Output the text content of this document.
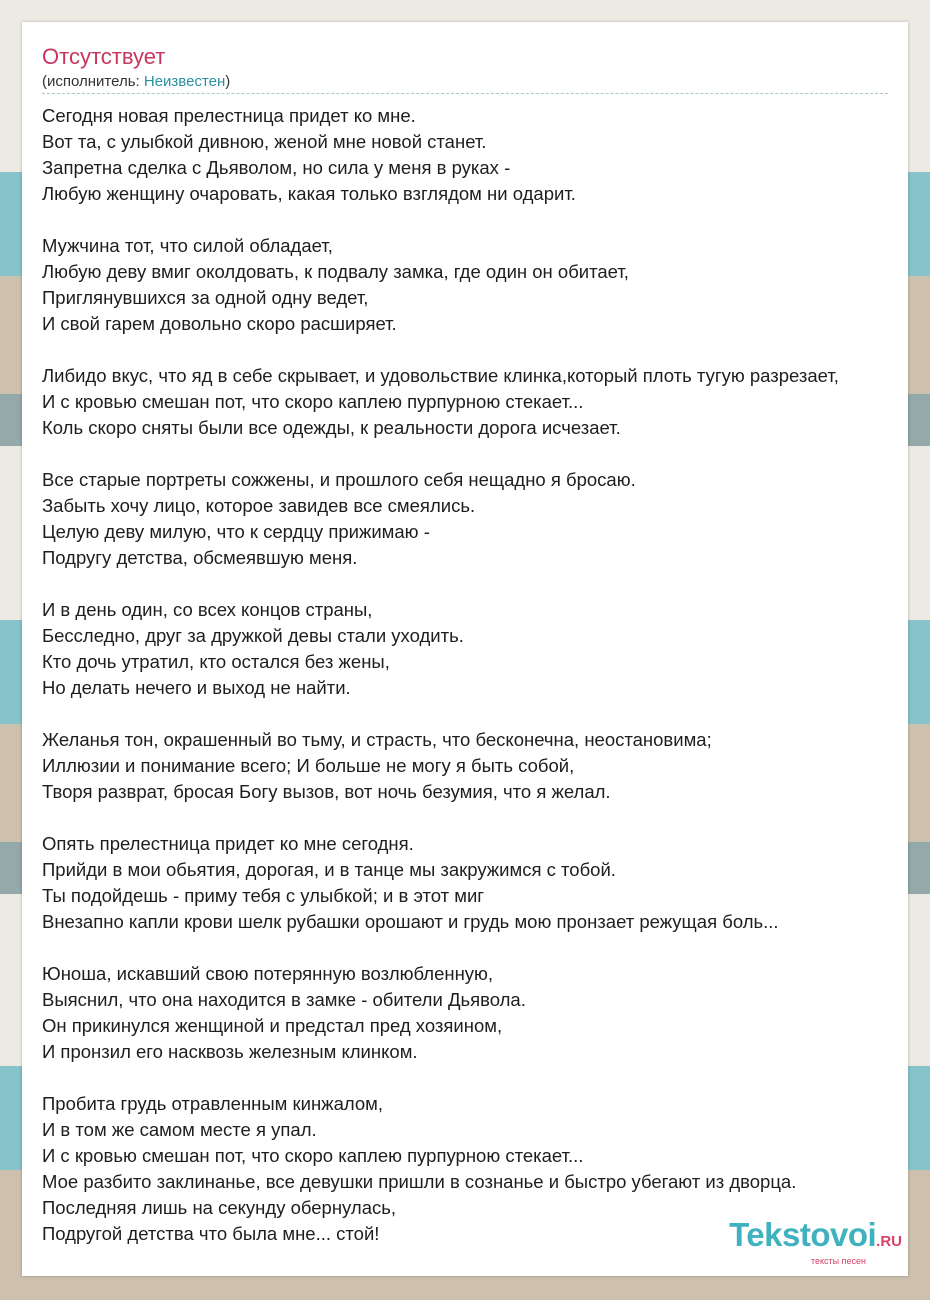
Отсутствует
(исполнитель: Неизвестен)
Сегодня новая прелестница придет ко мне.
Вот та, с улыбкой дивною, женой мне новой станет.
Запретна сделка с Дьяволом, но сила у меня в руках -
Любую женщину очаровать, какая только взглядом ни одарит.
Мужчина тот, что силой обладает,
Любую деву вмиг околдовать, к подвалу замка, где один он обитает,
Приглянувшихся за одной одну ведет,
И свой гарем довольно скоро расширяет.
Либидо вкус, что яд в себе скрывает, и удовольствие клинка,который плоть тугую разрезает,
И с кровью смешан пот, что скоро каплею пурпурною стекает...
Коль скоро сняты были все одежды, к реальности дорога исчезает.
Все старые портреты сожжены, и прошлого себя нещадно я бросаю.
Забыть хочу лицо, которое завидев все смеялись.
Целую деву милую, что к сердцу прижимаю -
Подругу детства, обсмеявшую меня.
И в день один, со всех концов страны,
Бесследно, друг за дружкой девы стали уходить.
Кто дочь утратил, кто остался без жены,
Но делать нечего и выход не найти.
Желанья тон, окрашенный во тьму, и страсть, что бесконечна, неостановима;
Иллюзии и понимание всего; И больше не могу я быть собой,
Творя разврат, бросая Богу вызов, вот ночь безумия, что я желал.
Опять прелестница придет ко мне сегодня.
Прийди в мои обьятия, дорогая, и в танце мы закружимся с тобой.
Ты подойдешь - приму тебя с улыбкой; и в этот миг
Внезапно капли крови шелк рубашки орошают и грудь мою пронзает режущая боль...
Юноша, искавший свою потерянную возлюбленную,
Выяснил, что она находится в замке - обители Дьявола.
Он прикинулся женщиной и предстал пред хозяином,
И пронзил его насквозь железным клинком.
Пробита грудь отравленным кинжалом,
И в том же самом месте я упал.
И с кровью смешан пот, что скоро каплею пурпурною стекает...
Мое разбито заклинанье, все девушки пришли в сознанье и быстро убегают из дворца.
Последняя лишь на секунду обернулась,
Подругой детства что была мне... стой!	Tekstovoi.RU
тексты песен
